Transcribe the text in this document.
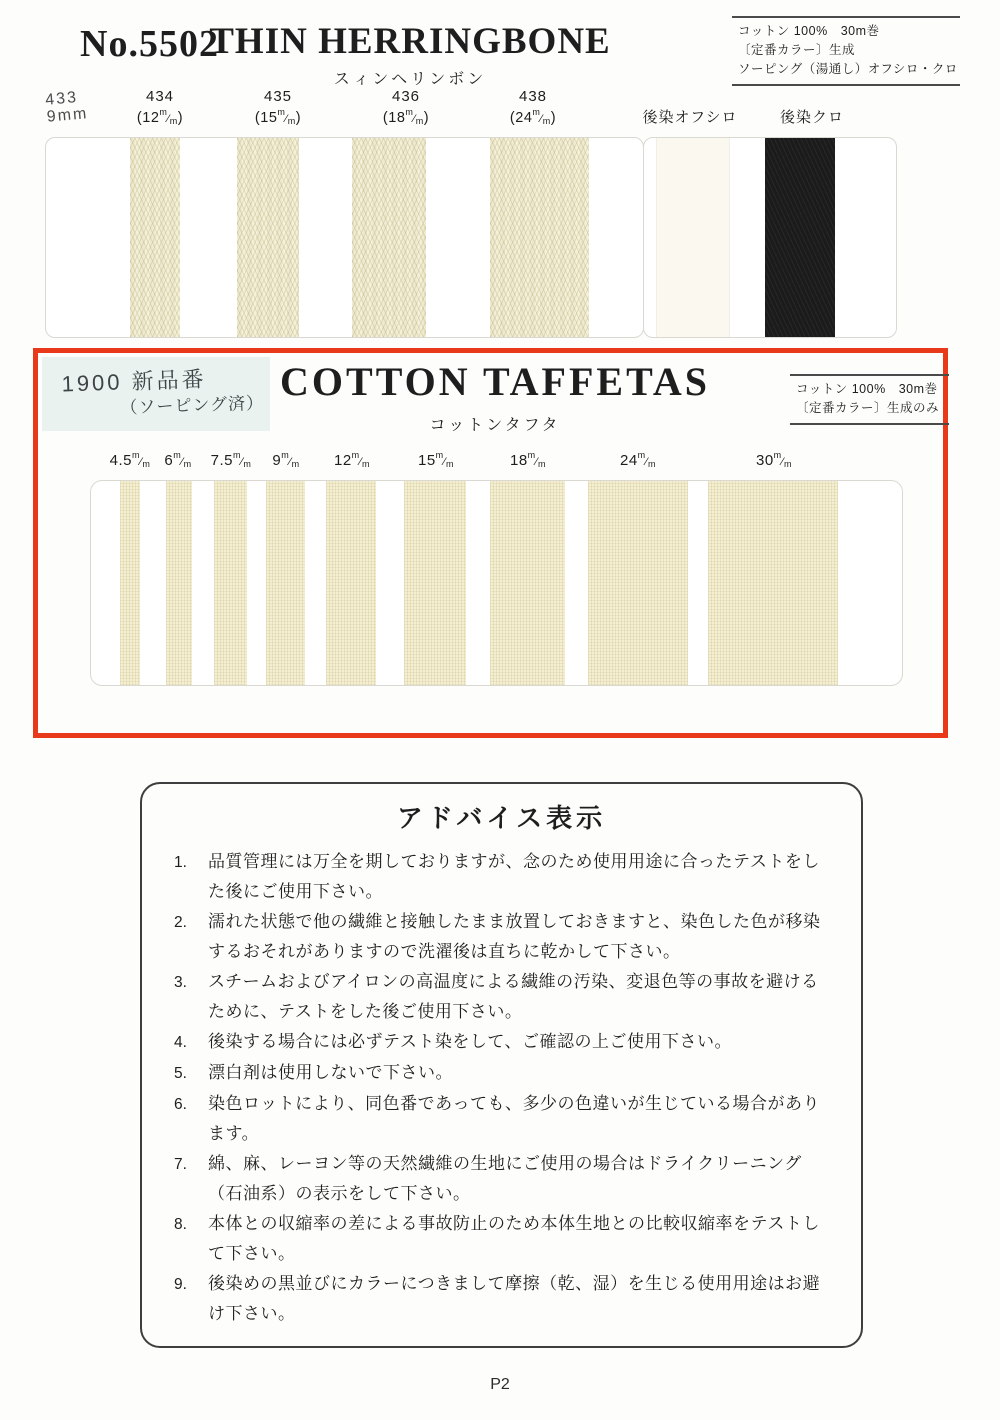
No.5502
THIN HERRINGBONE
スィンヘリンボン
コットン 100%　30m巻
〔定番カラー〕生成
ソーピング（湯通し）オフシロ・クロ
433
9mm
434
(12$^m$⁄m)
435
(15$^m$⁄m)
436
(18$^m$⁄m)
438
(24$^m$⁄m)	後染オフシロ	後染クロ
1900 新品番
（ソーピング済）
COTTON TAFFETAS
コットンタフタ
コットン 100%　30m巻
〔定番カラー〕生成のみ
4.5$^m$⁄m 6$^m$⁄m	7.5$^m$⁄m	9$^m$⁄m	12$^m$⁄m	15$^m$⁄m	18$^m$⁄m	24$^m$⁄m	30$^m$⁄m
アドバイス表示
1.	品質管理には万全を期しておりますが、念のため使用用途に合ったテストをした後にご使用下さい。
2.	濡れた状態で他の繊維と接触したまま放置しておきますと、染色した色が移染するおそれがありますので洗濯後は直ちに乾かして下さい。
3.	スチームおよびアイロンの高温度による繊維の汚染、変退色等の事故を避けるために、テストをした後ご使用下さい。
4.	後染する場合には必ずテスト染をして、ご確認の上ご使用下さい。
5.	漂白剤は使用しないで下さい。
6.	染色ロットにより、同色番であっても、多少の色違いが生じている場合があります。
7.	綿、麻、レーヨン等の天然繊維の生地にご使用の場合はドライクリーニング（石油系）の表示をして下さい。
8.	本体との収縮率の差による事故防止のため本体生地との比較収縮率をテストして下さい。
9.	後染めの黒並びにカラーにつきまして摩擦（乾、湿）を生じる使用用途はお避け下さい。
P2
